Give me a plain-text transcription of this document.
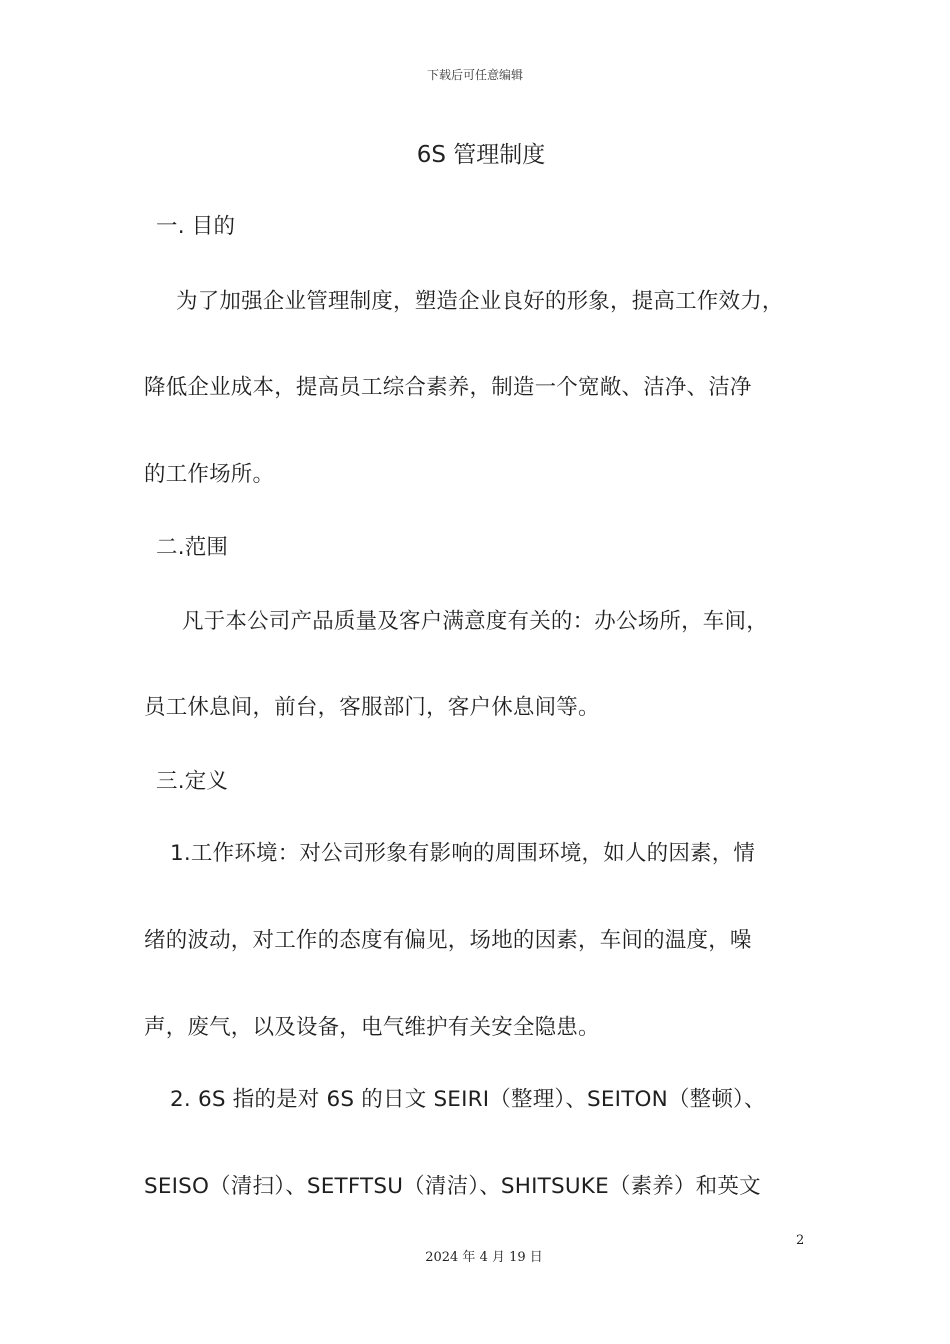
下载后可任意编辑
6S 管理制度
一. 目的
为了加强企业管理制度，塑造企业良好的形象，提高工作效力，
降低企业成本，提高员工综合素养，制造一个宽敞、洁净、洁净
的工作场所。
二.范围
凡于本公司产品质量及客户满意度有关的：办公场所，车间，
员工休息间，前台，客服部门，客户休息间等。
三.定义
1.工作环境：对公司形象有影响的周围环境，如人的因素，情
绪的波动，对工作的态度有偏见，场地的因素，车间的温度，噪
声，废气，以及设备，电气维护有关安全隐患。
2. 6S 指的是对 6S 的日文 SEIRI（整理）、SEITON（整顿）、
SEISO（清扫）、SETFTSU（清洁）、SHITSUKE（素养）和英文
2
2024 年 4 月 19 日
